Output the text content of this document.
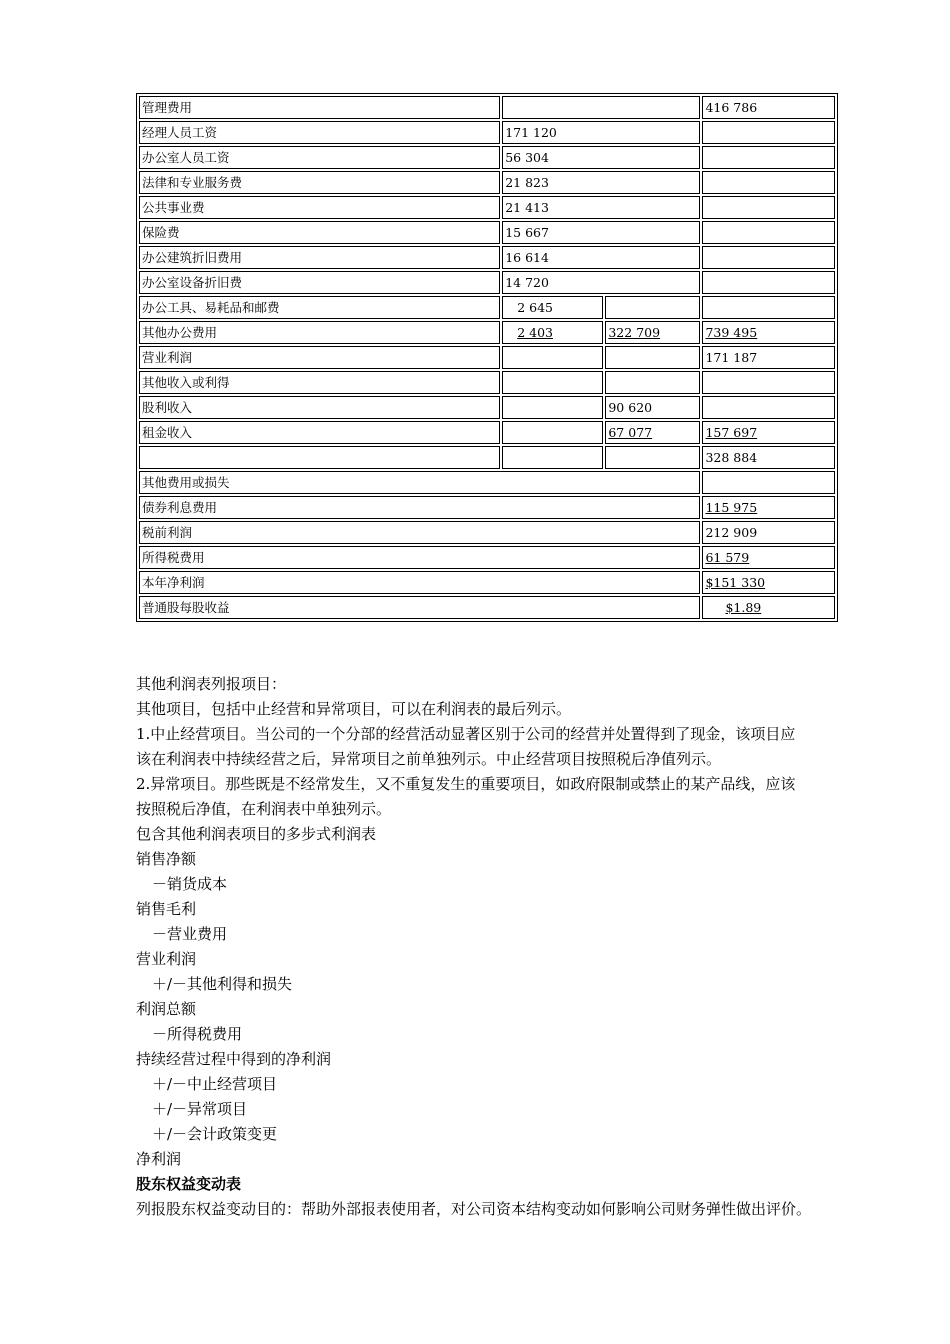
管理费用			416 786
经理人员工资	171 120		
办公室人员工资	56 304		
法律和专业服务费	21 823		
公共事业费	21 413		
保险费	15 667		
办公建筑折旧费用	16 614		
办公室设备折旧费	14 720		
办公工具、易耗品和邮费	2 645		
其他办公费用	2 403	322 709	739 495
营业利润			171 187
其他收入或利得			
股利收入		90 620	
租金收入		67 077	157 697
			328 884
其他费用或损失			
债券利息费用			115 975
税前利润			212 909
所得税费用			61 579
本年净利润			$151 330
普通股每股收益			$1.89

其他利润表列报项目：

其他项目，包括中止经营和异常项目，可以在利润表的最后列示。

1.中止经营项目。当公司的一个分部的经营活动显著区别于公司的经营并处置得到了现金，该项目应

该在利润表中持续经营之后，异常项目之前单独列示。中止经营项目按照税后净值列示。

2.异常项目。那些既是不经常发生，又不重复发生的重要项目，如政府限制或禁止的某产品线，应该

按照税后净值，在利润表中单独列示。

包含其他利润表项目的多步式利润表

销售净额

－销货成本

销售毛利

－营业费用

营业利润

＋/－其他利得和损失

利润总额

－所得税费用

持续经营过程中得到的净利润

＋/－中止经营项目

＋/－异常项目

＋/－会计政策变更

净利润

股东权益变动表

列报股东权益变动目的：帮助外部报表使用者，对公司资本结构变动如何影响公司财务弹性做出评价。
